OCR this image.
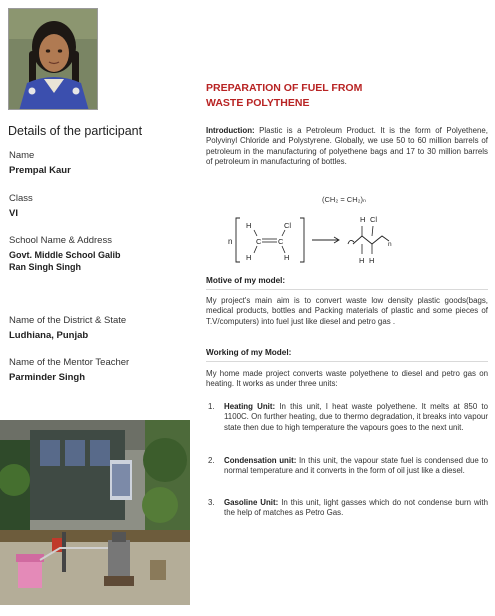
Details of the participant
Name
Prempal Kaur
Class
VI
School Name & Address
Govt. Middle School Galib
Ran Singh Singh
Name of the District & State
Ludhiana, Punjab
Name of the Mentor Teacher
Parminder Singh
PREPARATION OF FUEL FROM
WASTE POLYTHENE
Introduction: Plastic is a Petroleum Product. It is the form of Polyethene, Polyvinyl Chloride and Polystyrene. Globally, we use 50 to 60 million barrels of petroleum in the manufacturing of polyethene bags and 17 to 30 million barrels of petroleum in manufacturing of bottles.
(CH₂ = CH₂)ₙ
n
H	Cl
C C
H	H
H Cl
H H
n
Motive of my model:
My project's main aim is to convert waste low density plastic goods(bags, medical products, bottles and Packing materials of plastic and some pieces of T.V/computers) into fuel just like diesel and petro gas .
Working of my Model:
My home made project converts waste polyethene to diesel and petro gas on heating. It works as under three units:
1. Heating Unit: In this unit, I heat waste polyethene. It melts at 850 to 1100C. On further heating, due to thermo degradation, it breaks into vapour state then due to high temperature the vapours goes to the next unit.
2. Condensation unit: In this unit, the vapour state fuel is condensed due to normal temperature and it converts in the form of oil just like a diesel.
3. Gasoline Unit: In this unit, light gasses which do not condense burn with the help of matches as Petro Gas.
